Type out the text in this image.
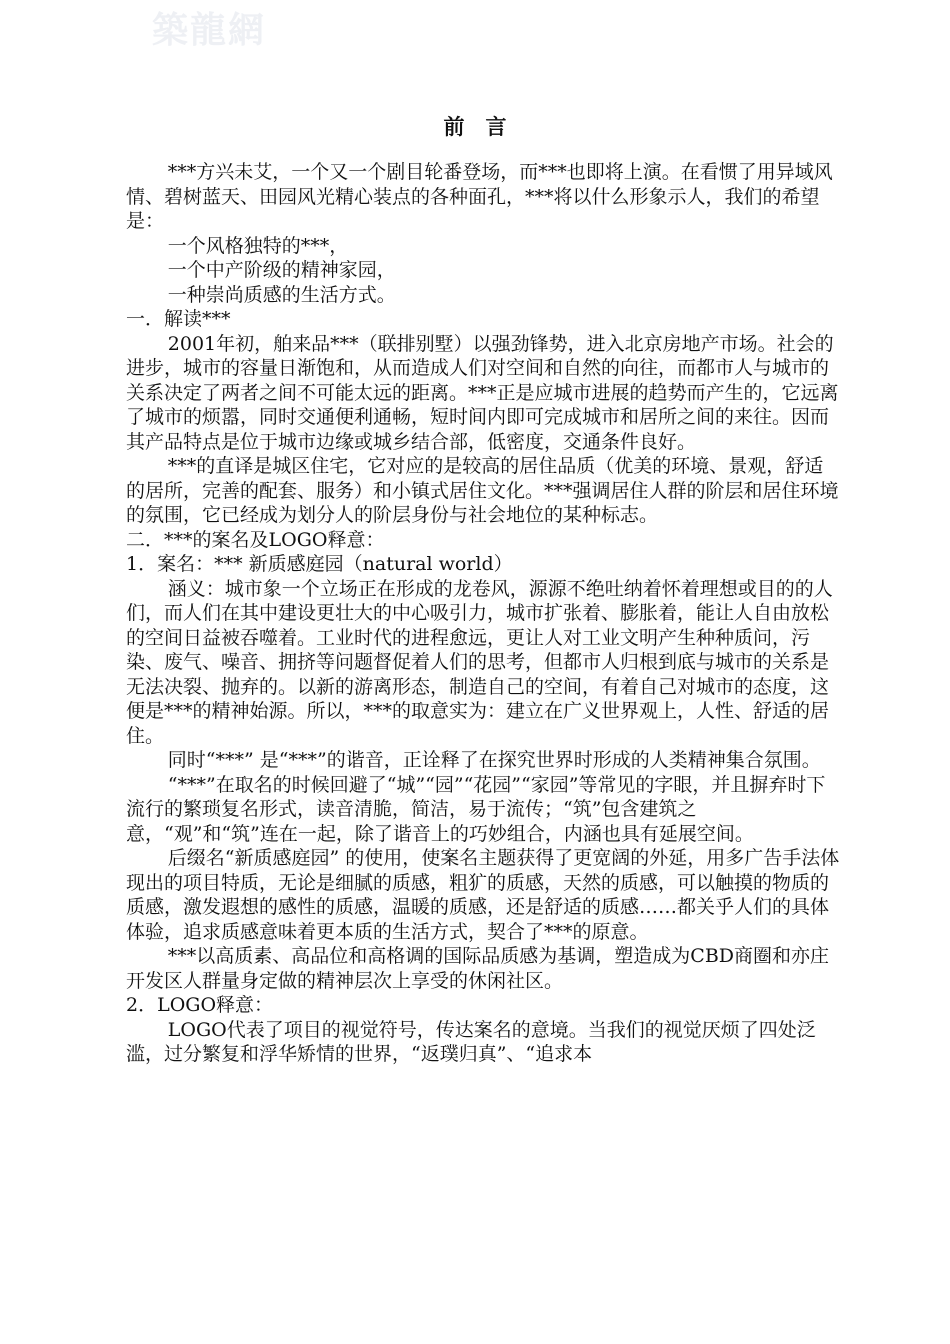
築龍網
前言

***方兴未艾，一个又一个剧目轮番登场，而***也即将上演。在看惯了用异域风情、碧树蓝天、田园风光精心装点的各种面孔，***将以什么形象示人，我们的希望是：

一个风格独特的***，

一个中产阶级的精神家园，

一种崇尚质感的生活方式。

一．解读***

2001年初，舶来品***（联排别墅）以强劲锋势，进入北京房地产市场。社会的进步，城市的容量日渐饱和，从而造成人们对空间和自然的向往，而都市人与城市的关系决定了两者之间不可能太远的距离。***正是应城市进展的趋势而产生的，它远离了城市的烦嚣，同时交通便利通畅，短时间内即可完成城市和居所之间的来往。因而其产品特点是位于城市边缘或城乡结合部，低密度，交通条件良好。

***的直译是城区住宅，它对应的是较高的居住品质（优美的环境、景观，舒适的居所，完善的配套、服务）和小镇式居住文化。***强调居住人群的阶层和居住环境的氛围，它已经成为划分人的阶层身份与社会地位的某种标志。

二．***的案名及LOGO释意：

1．案名：*** 新质感庭园（natural world）

涵义：城市象一个立场正在形成的龙卷风，源源不绝吐纳着怀着理想或目的的人们，而人们在其中建设更壮大的中心吸引力，城市扩张着、膨胀着，能让人自由放松的空间日益被吞噬着。工业时代的进程愈远，更让人对工业文明产生种种质问，污染、废气、噪音、拥挤等问题督促着人们的思考，但都市人归根到底与城市的关系是无法决裂、抛弃的。以新的游离形态，制造自己的空间，有着自己对城市的态度，这便是***的精神始源。所以，***的取意实为：建立在广义世界观上，人性、舒适的居住。

同时“***” 是“***”的谐音，正诠释了在探究世界时形成的人类精神集合氛围。

“***”在取名的时候回避了“城”“园”“花园”“家园”等常见的字眼，并且摒弃时下流行的繁琐复名形式，读音清脆，简洁，易于流传；“筑”包含建筑之意，“观”和“筑”连在一起，除了谐音上的巧妙组合，内涵也具有延展空间。

后缀名“新质感庭园” 的使用，使案名主题获得了更宽阔的外延，用多广告手法体现出的项目特质，无论是细腻的质感，粗犷的质感，天然的质感，可以触摸的物质的质感，激发遐想的感性的质感，温暖的质感，还是舒适的质感……都关乎人们的具体体验，追求质感意味着更本质的生活方式，契合了***的原意。

***以高质素、高品位和高格调的国际品质感为基调，塑造成为CBD商圈和亦庄开发区人群量身定做的精神层次上享受的休闲社区。

2．LOGO释意：

LOGO代表了项目的视觉符号，传达案名的意境。当我们的视觉厌烦了四处泛滥，过分繁复和浮华矫情的世界，“返璞归真”、“追求本
